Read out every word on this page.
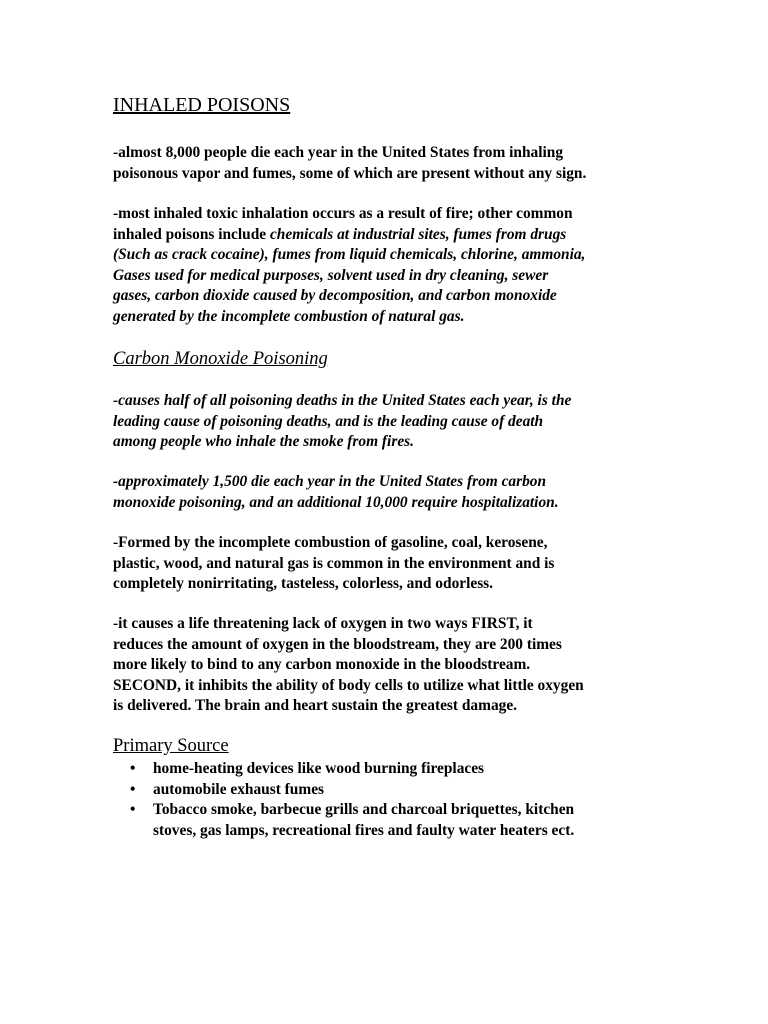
INHALED POISONS
-almost 8,000 people die each year in the United States from inhaling
poisonous vapor and fumes, some of which are present without any sign.
-most inhaled toxic inhalation occurs as a result of fire; other common
inhaled poisons include chemicals at industrial sites, fumes from drugs
(Such as crack cocaine), fumes from liquid chemicals, chlorine, ammonia,
Gases used for medical purposes, solvent used in dry cleaning, sewer
gases, carbon dioxide caused by decomposition, and carbon monoxide
generated by the incomplete combustion of natural gas.
Carbon Monoxide Poisoning
-causes half of all poisoning deaths in the United States each year, is the
leading cause of poisoning deaths, and is the leading cause of death
among people who inhale the smoke from fires.
-approximately 1,500 die each year in the United States from carbon
monoxide poisoning, and an additional 10,000 require hospitalization.
-Formed by the incomplete combustion of gasoline, coal, kerosene,
plastic, wood, and natural gas is common in the environment and is
completely nonirritating, tasteless, colorless, and odorless.
-it causes a life threatening lack of oxygen in two ways FIRST, it
reduces the amount of oxygen in the bloodstream, they are 200 times
more likely to bind to any carbon monoxide in the bloodstream.
SECOND, it inhibits the ability of body cells to utilize what little oxygen
is delivered. The brain and heart sustain the greatest damage.
Primary Source
• home-heating devices like wood burning fireplaces
• automobile exhaust fumes
• Tobacco smoke, barbecue grills and charcoal briquettes, kitchen
stoves, gas lamps, recreational fires and faulty water heaters ect.
